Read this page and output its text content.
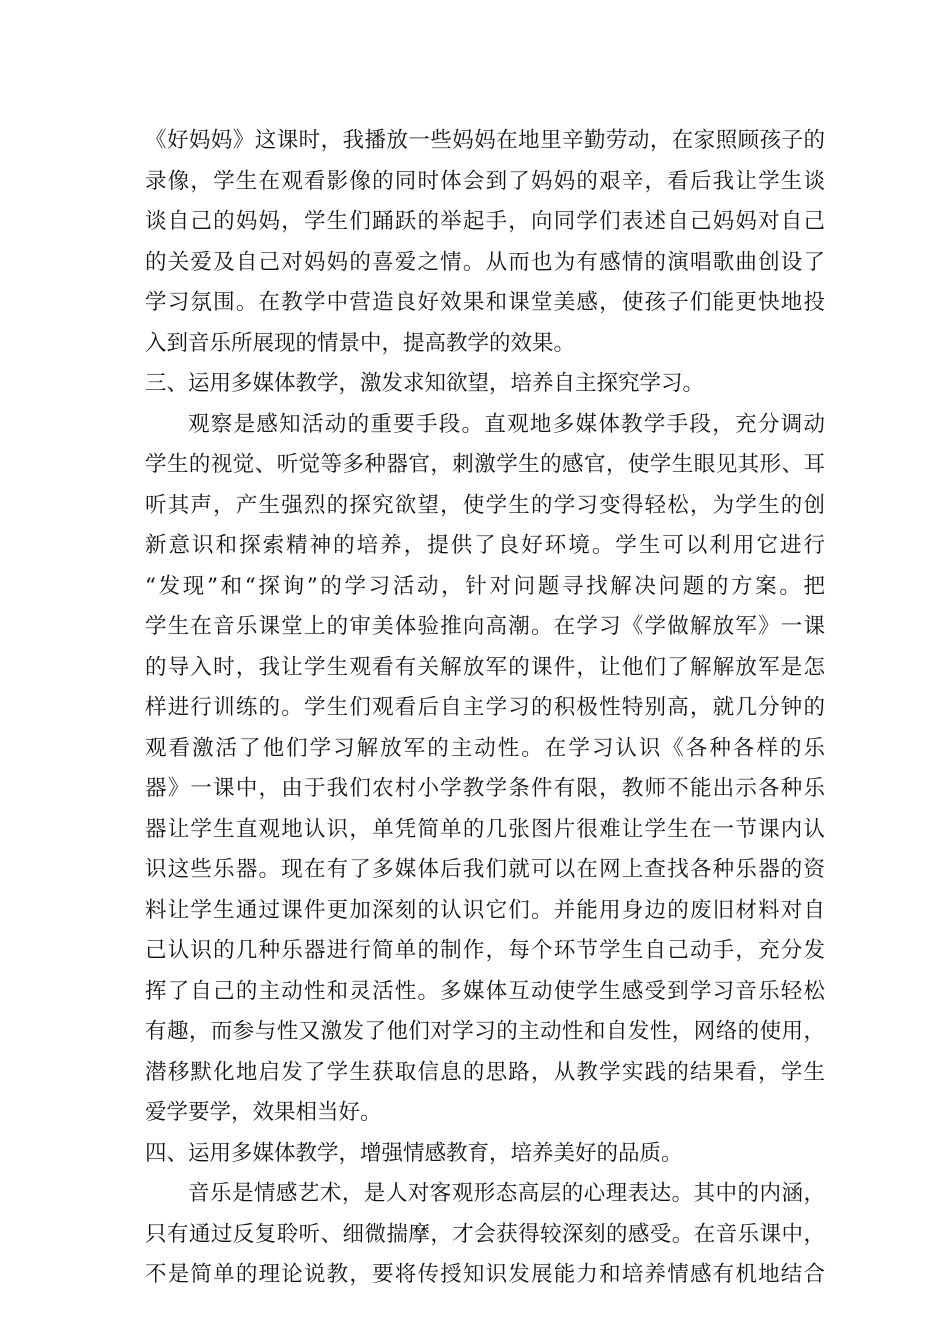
《好妈妈》这课时，我播放一些妈妈在地里辛勤劳动，在家照顾孩子的
录像，学生在观看影像的同时体会到了妈妈的艰辛，看后我让学生谈
谈自己的妈妈，学生们踊跃的举起手，向同学们表述自己妈妈对自己
的关爱及自己对妈妈的喜爱之情。从而也为有感情的演唱歌曲创设了
学习氛围。在教学中营造良好效果和课堂美感，使孩子们能更快地投
入到音乐所展现的情景中，提高教学的效果。
三、运用多媒体教学，激发求知欲望，培养自主探究学习。
观察是感知活动的重要手段。直观地多媒体教学手段，充分调动
学生的视觉、听觉等多种器官，刺激学生的感官，使学生眼见其形、耳
听其声，产生强烈的探究欲望，使学生的学习变得轻松，为学生的创
新意识和探索精神的培养，提供了良好环境。学生可以利用它进行
“发现”和“探询”的学习活动，针对问题寻找解决问题的方案。把
学生在音乐课堂上的审美体验推向高潮。在学习《学做解放军》一课
的导入时，我让学生观看有关解放军的课件，让他们了解解放军是怎
样进行训练的。学生们观看后自主学习的积极性特别高，就几分钟的
观看激活了他们学习解放军的主动性。在学习认识《各种各样的乐
器》一课中，由于我们农村小学教学条件有限，教师不能出示各种乐
器让学生直观地认识，单凭简单的几张图片很难让学生在一节课内认
识这些乐器。现在有了多媒体后我们就可以在网上查找各种乐器的资
料让学生通过课件更加深刻的认识它们。并能用身边的废旧材料对自
己认识的几种乐器进行简单的制作，每个环节学生自己动手，充分发
挥了自己的主动性和灵活性。多媒体互动使学生感受到学习音乐轻松
有趣，而参与性又激发了他们对学习的主动性和自发性，网络的使用，
潜移默化地启发了学生获取信息的思路，从教学实践的结果看，学生
爱学要学，效果相当好。
四、运用多媒体教学，增强情感教育，培养美好的品质。
音乐是情感艺术，是人对客观形态高层的心理表达。其中的内涵，
只有通过反复聆听、细微揣摩，才会获得较深刻的感受。在音乐课中，
不是简单的理论说教，要将传授知识发展能力和培养情感有机地结合
